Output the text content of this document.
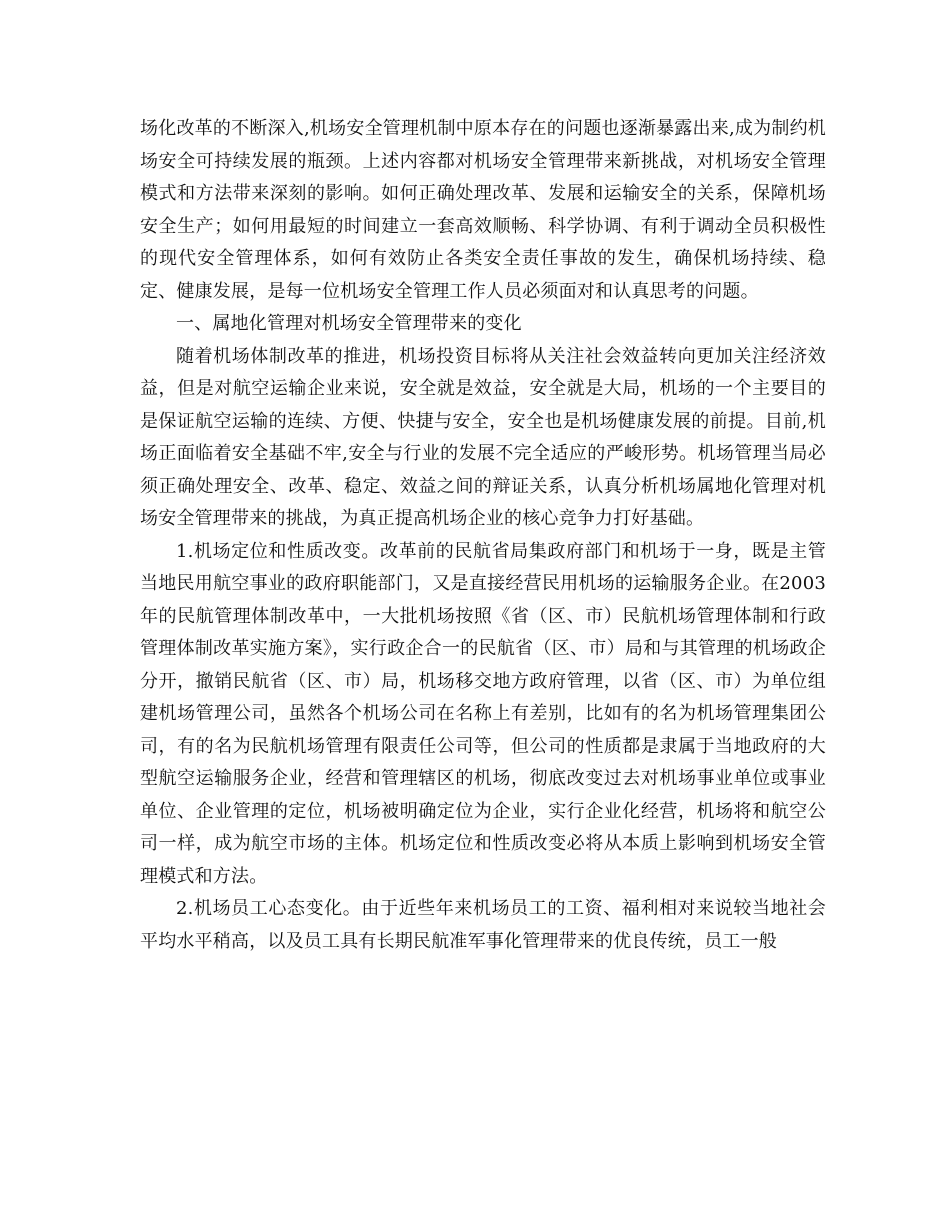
场化改革的不断深入,机场安全管理机制中原本存在的问题也逐渐暴露出来,成为制约机场安全可持续发展的瓶颈。上述内容都对机场安全管理带来新挑战，对机场安全管理模式和方法带来深刻的影响。如何正确处理改革、发展和运输安全的关系，保障机场安全生产；如何用最短的时间建立一套高效顺畅、科学协调、有利于调动全员积极性的现代安全管理体系，如何有效防止各类安全责任事故的发生，确保机场持续、稳定、健康发展，是每一位机场安全管理工作人员必须面对和认真思考的问题。

一、属地化管理对机场安全管理带来的变化

随着机场体制改革的推进，机场投资目标将从关注社会效益转向更加关注经济效益，但是对航空运输企业来说，安全就是效益，安全就是大局，机场的一个主要目的是保证航空运输的连续、方便、快捷与安全，安全也是机场健康发展的前提。目前,机场正面临着安全基础不牢,安全与行业的发展不完全适应的严峻形势。机场管理当局必须正确处理安全、改革、稳定、效益之间的辩证关系，认真分析机场属地化管理对机场安全管理带来的挑战，为真正提高机场企业的核心竞争力打好基础。

1.机场定位和性质改变。改革前的民航省局集政府部门和机场于一身，既是主管当地民用航空事业的政府职能部门，又是直接经营民用机场的运输服务企业。在2003年的民航管理体制改革中，一大批机场按照《省（区、市）民航机场管理体制和行政管理体制改革实施方案》，实行政企合一的民航省（区、市）局和与其管理的机场政企分开，撤销民航省（区、市）局，机场移交地方政府管理，以省（区、市）为单位组建机场管理公司，虽然各个机场公司在名称上有差别，比如有的名为机场管理集团公司，有的名为民航机场管理有限责任公司等，但公司的性质都是隶属于当地政府的大型航空运输服务企业，经营和管理辖区的机场，彻底改变过去对机场事业单位或事业单位、企业管理的定位，机场被明确定位为企业，实行企业化经营，机场将和航空公司一样，成为航空市场的主体。机场定位和性质改变必将从本质上影响到机场安全管理模式和方法。

2.机场员工心态变化。由于近些年来机场员工的工资、福利相对来说较当地社会平均水平稍高，以及员工具有长期民航准军事化管理带来的优良传统，员工一般
